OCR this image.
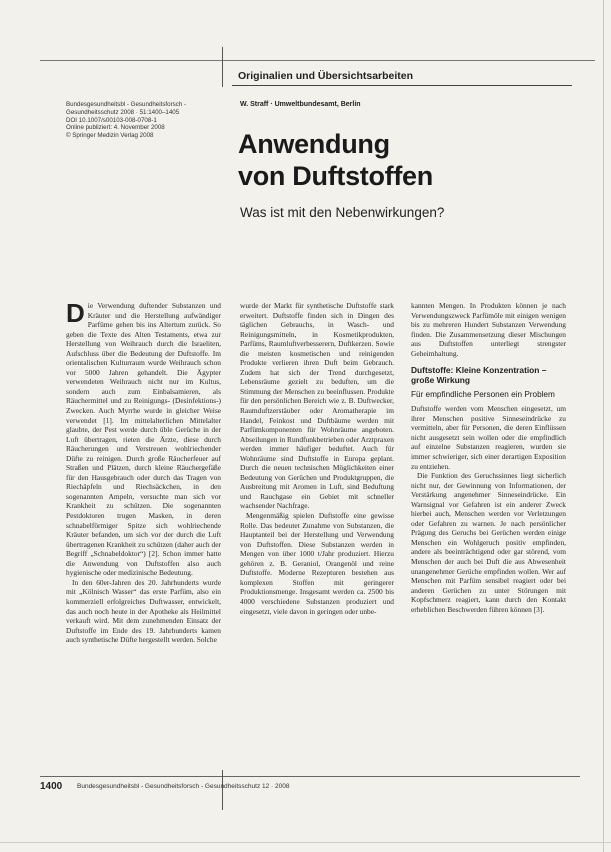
Originalien und Übersichtsarbeiten
Bundesgesundheitsbl - Gesundheitsforsch -
Gesundheitsschutz 2008 · 51:1400–1405
DOI 10.1007/s00103-008-0708-1
Online publiziert: 4. November 2008
© Springer Medizin Verlag 2008
W. Straff · Umweltbundesamt, Berlin
Anwendung
von Duftstoffen
Was ist mit den Nebenwirkungen?
D ie Verwendung duftender Substanzen und Kräuter und die Herstellung aufwändiger Parfüme gehen bis ins Altertum zurück. So geben die Texte des Alten Testaments, etwa zur Herstellung von Weihrauch durch die Israeliten, Aufschluss über die Bedeutung der Duftstoffe. Im orientalischen Kulturraum wurde Weihrauch schon vor 5000 Jahren gehandelt. Die Ägypter verwendeten Weihrauch nicht nur im Kultus, sondern auch zum Einbalsamieren, als Räuchermittel und zu Reinigungs- (Desinfektions-) Zwecken. Auch Myrrhe wurde in gleicher Weise verwendet [1]. Im mittelalterlichen Mittelalter glaubte, der Pest werde durch üble Gerüche in der Luft übertragen, rieten die Ärzte, diese durch Räucherungen und Verstreuen wohlriechender Düfte zu reinigen. Durch große Räucherfeuer auf Straßen und Plätzen, durch kleine Räuchergefäße für den Hausgebrauch oder durch das Tragen von Riechäpfeln und Riechsäckchen, in den sogenannten Ampeln, versuchte man sich vor Krankheit zu schützen. Die sogenannten Pestdoktoren trugen Masken, in deren schnabelförmiger Spitze sich wohlriechende Kräuter befanden, um sich vor der durch die Luft übertragenen Krankheit zu schützen (daher auch der Begriff „Schnabeldoktor“) [2]. Schon immer hatte die Anwendung von Duftstoffen also auch hygienische oder medizinische Bedeutung.

In den 60er-Jahren des 20. Jahrhunderts wurde mit „Kölnisch Wasser“ das erste Parfüm, also ein kommerziell erfolgreiches Duftwasser, entwickelt, das auch noch heute in der Apotheke als Heilmittel verkauft wird. Mit dem zunehmenden Einsatz der Duftstoffe im Ende des 19. Jahrhunderts kamen auch synthetische Düfte hergestellt werden. Solche

wurde der Markt für synthetische Duftstoffe stark erweitert. Duftstoffe finden sich in Dingen des täglichen Gebrauchs, in Wasch- und Reinigungsmitteln, in Kosmetikprodukten, Parfüms, Raumluftverbesserern, Duftkerzen. Sowie die meisten kosmetischen und reinigenden Produkte verlieren ihren Duft beim Gebrauch. Zudem hat sich der Trend durchgesetzt, Lebensräume gezielt zu beduften, um die Stimmung der Menschen zu beeinflussen. Produkte für den persönlichen Bereich wie z. B. Duftwecker, Raumduftzerstäuber oder Aromatherapie im Handel, Feinkost und Duftbäume werden mit Parfümkomponenten für Wohnräume angeboten. Abseilungen in Rundfunkbetrieben oder Arztpraxen werden immer häufiger beduftet. Auch für Wohnräume sind Duftstoffe in Europa geplant. Durch die neuen technischen Möglichkeiten einer Bedeutung von Gerüchen und Produktgruppen, die Ausbreitung mit Aromen in Luft, sind Beduftung und Rauchgase ein Gebiet mit schneller wachsender Nachfrage.

Mengenmäßig spielen Duftstoffe eine gewisse Rolle. Das bedeutet Zunahme von Substanzen, die Hauptanteil bei der Herstellung und Verwendung von Duftstoffen. Diese Substanzen werden in Mengen von über 1000 t/Jahr produziert. Hierzu gehören z. B. Geraniol, Orangenöl und reine Duftstoffe. Moderne Rezepturen bestehen aus komplexen Stoffen mit geringerer Produktionsmenge. Insgesamt werden ca. 2500 bis 4000 verschiedene Substanzen produziert und eingesetzt, viele davon in geringen oder unbe-

kannten Mengen. In Produkten können je nach Verwendungszweck Parfümöle mit einigen wenigen bis zu mehreren Hundert Substanzen Verwendung finden. Die Zusammensetzung dieser Mischungen aus Duftstoffen unterliegt strengster Geheimhaltung.

Duftstoffe: Kleine Konzentration – große Wirkung
Für empfindliche Personen ein Problem

Duftstoffe werden vom Menschen eingesetzt, um ihrer Menschen positive Sinneseindrücke zu vermitteln, aber für Personen, die deren Einflüssen nicht ausgesetzt sein wollen oder die empfindlich auf einzelne Substanzen reagieren, wurden sie immer schwieriger, sich einer derartigen Exposition zu entziehen.

Die Funktion des Geruchssinnes liegt sicherlich nicht nur, der Gewinnung von Informationen, der Verstärkung angenehmer Sinneseindrücke. Ein Warnsignal vor Gefahren ist ein anderer Zweck hierbei auch, Menschen werden vor Verletzungen oder Gefahren zu warnen. Je nach persönlicher Prägung des Geruchs bei Gerüchen werden einige Menschen ein Wohlgeruch positiv empfinden, andere als beeinträchtigend oder gar störend, vom Menschen der auch bei Duft die aus Abwesenheit unangenehmer Gerüche empfinden wollen. Wer auf Menschen mit Parfüm sensibel reagiert oder bei anderen Gerüchen zu unter Störungen mit Kopfschmerz reagiert, kann durch den Kontakt erheblichen Beschwerden führen können [3].

1400 Bundesgesundheitsbl - Gesundheitsforsch - Gesundheitsschutz 12 · 2008
